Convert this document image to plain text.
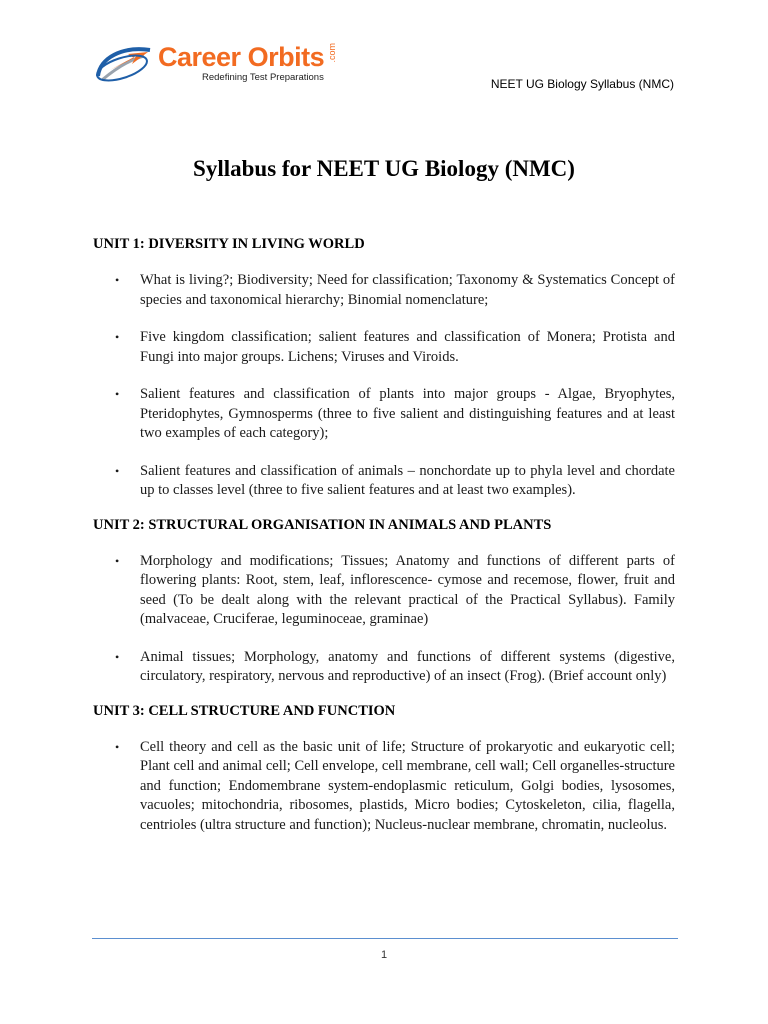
Career Orbits .com
Redefining Test Preparations	NEET UG Biology Syllabus (NMC)
Syllabus for NEET UG Biology (NMC)
UNIT 1: DIVERSITY IN LIVING WORLD
• What is living?; Biodiversity; Need for classification; Taxonomy & Systematics Concept of species and taxonomical hierarchy; Binomial nomenclature;
• Five kingdom classification; salient features and classification of Monera; Protista and Fungi into major groups. Lichens; Viruses and Viroids.
• Salient features and classification of plants into major groups - Algae, Bryophytes, Pteridophytes, Gymnosperms (three to five salient and distinguishing features and at least two examples of each category);
• Salient features and classification of animals – nonchordate up to phyla level and chordate up to classes level (three to five salient features and at least two examples).
UNIT 2: STRUCTURAL ORGANISATION IN ANIMALS AND PLANTS
• Morphology and modifications; Tissues; Anatomy and functions of different parts of flowering plants: Root, stem, leaf, inflorescence- cymose and recemose, flower, fruit and seed (To be dealt along with the relevant practical of the Practical Syllabus). Family (malvaceae, Cruciferae, leguminoceae, graminae)
• Animal tissues; Morphology, anatomy and functions of different systems (digestive, circulatory, respiratory, nervous and reproductive) of an insect (Frog). (Brief account only)
UNIT 3: CELL STRUCTURE AND FUNCTION
• Cell theory and cell as the basic unit of life; Structure of prokaryotic and eukaryotic cell; Plant cell and animal cell; Cell envelope, cell membrane, cell wall; Cell organelles-structure and function; Endomembrane system-endoplasmic reticulum, Golgi bodies, lysosomes, vacuoles; mitochondria, ribosomes, plastids, Micro bodies; Cytoskeleton, cilia, flagella, centrioles (ultra structure and function); Nucleus-nuclear membrane, chromatin, nucleolus.
1
